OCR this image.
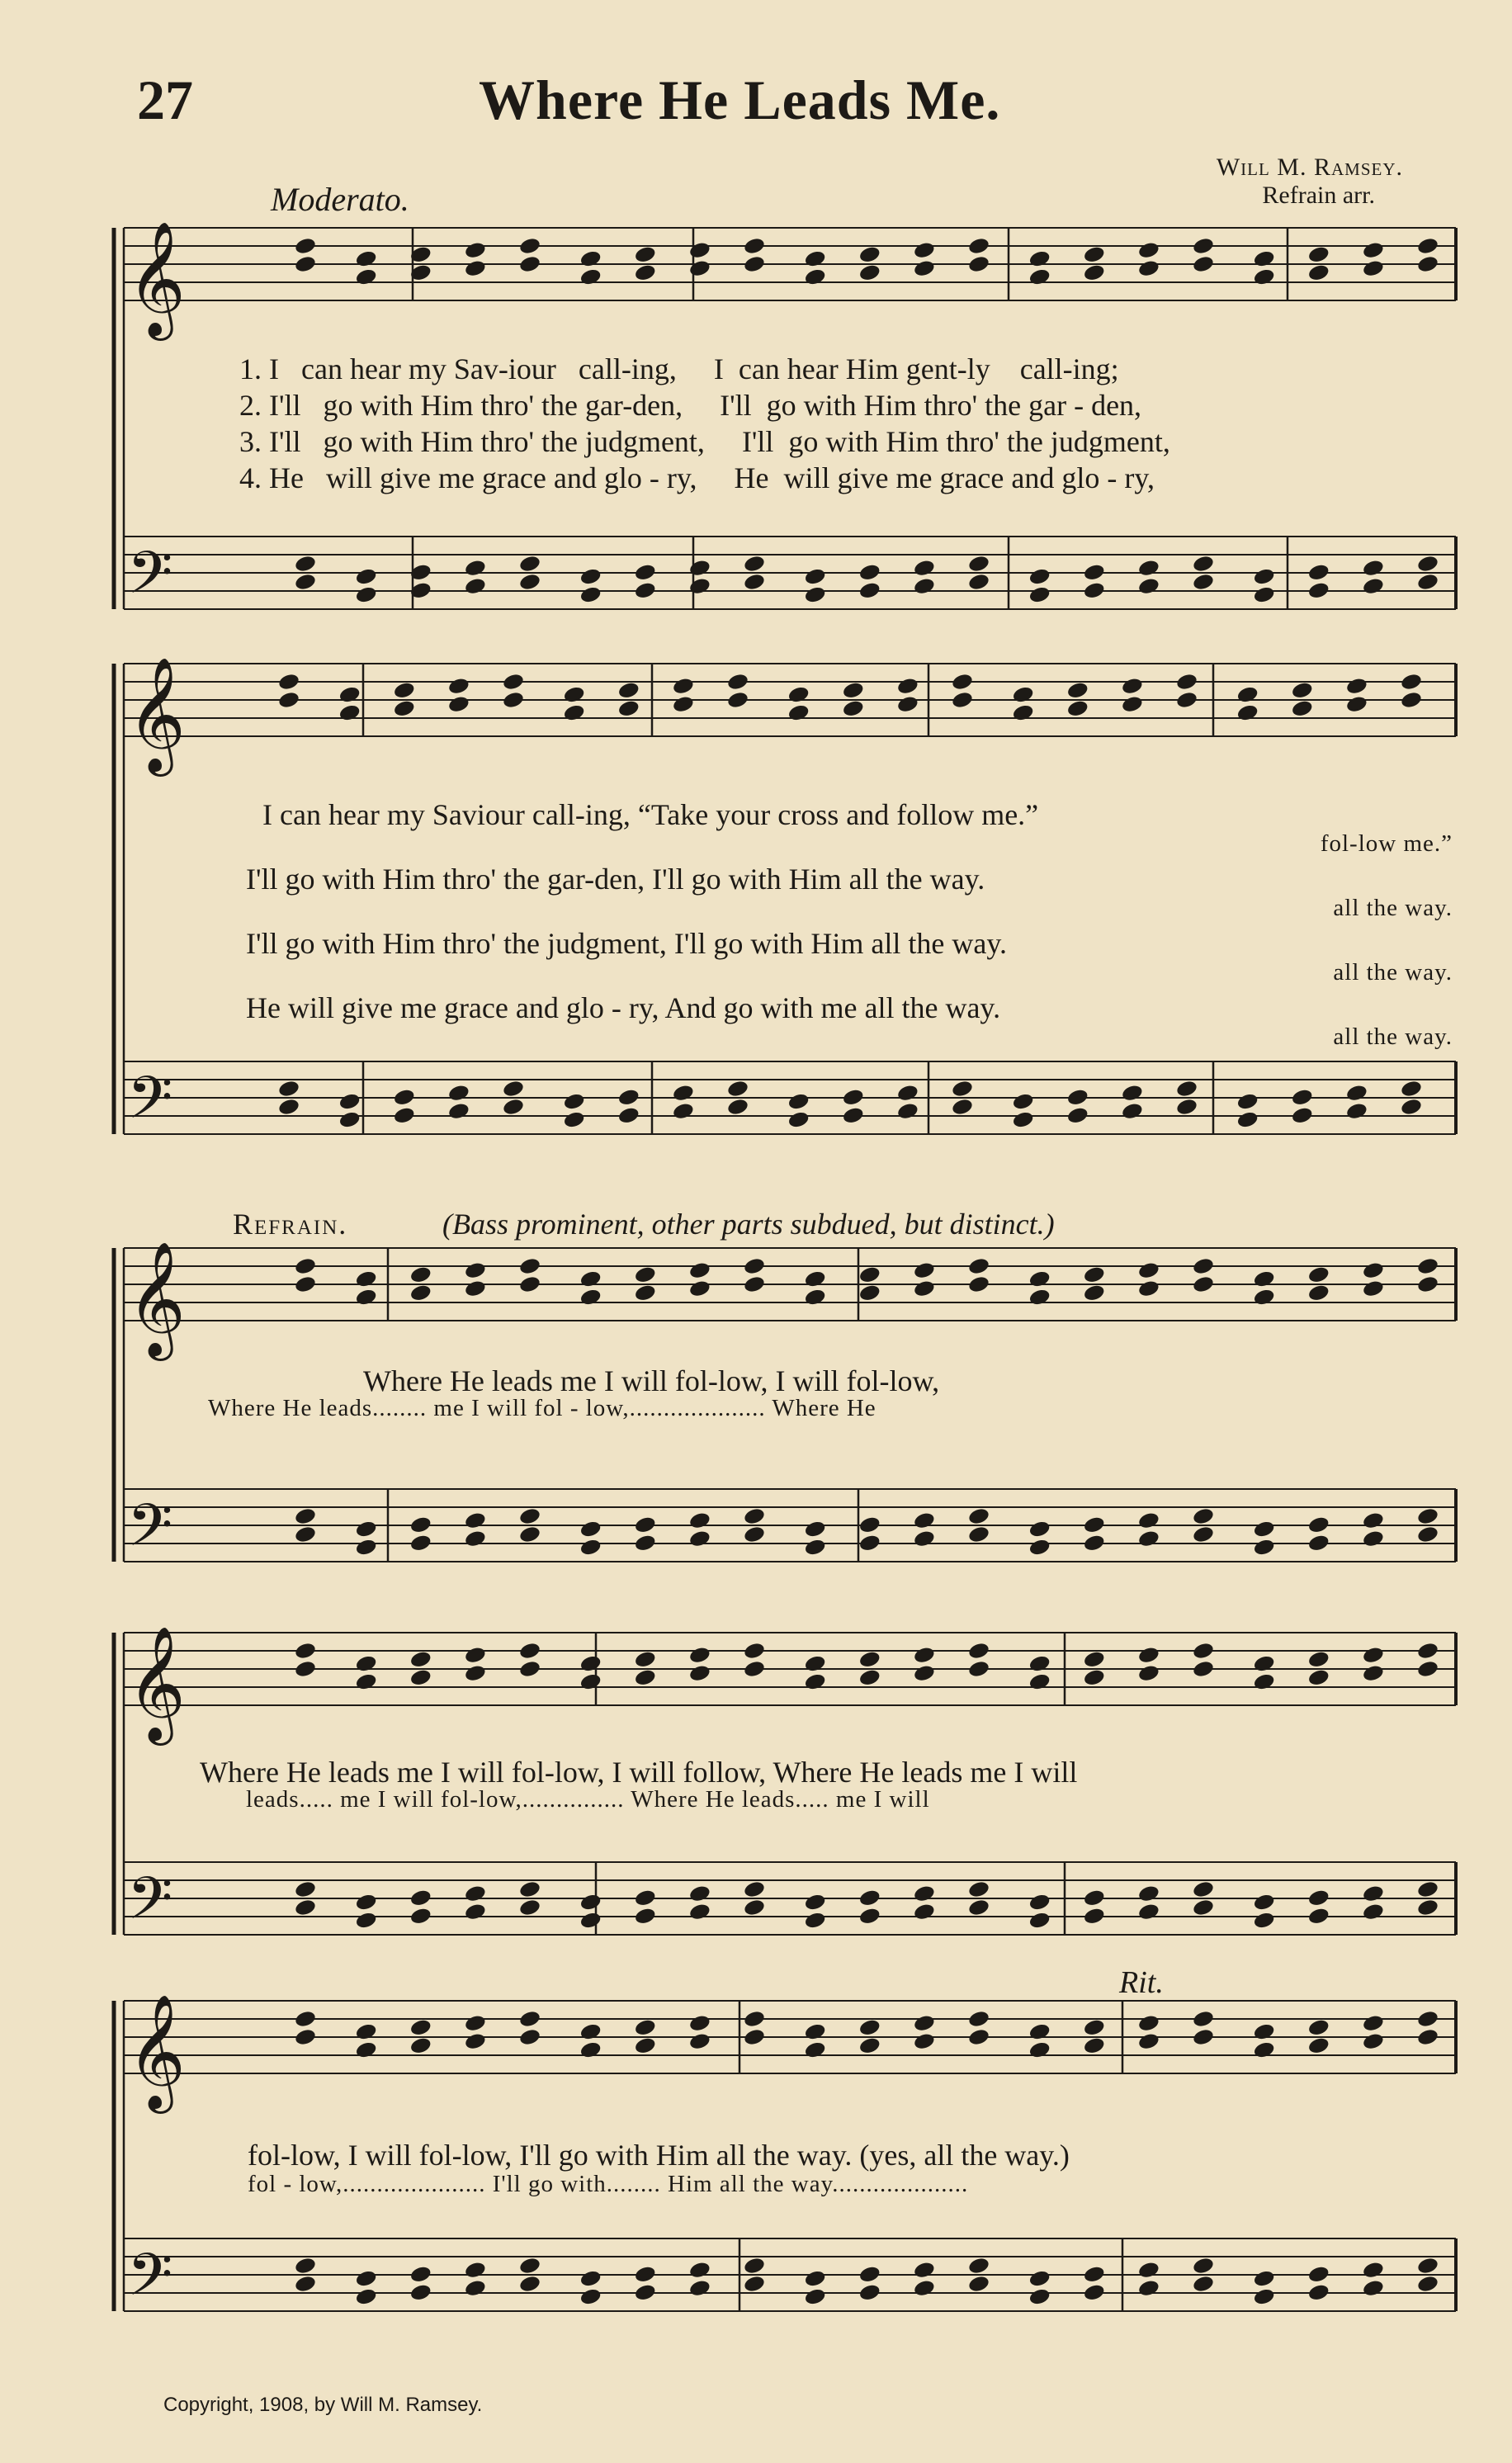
27	Where He Leads Me.
Will M. Ramsey.
Refrain arr.
Moderato.
𝄞
𝄢
𝄞
𝄢
𝄞
𝄢
𝄞
𝄢
𝄞
𝄢
1. I can hear my Sav-iour call-ing, I can hear Him gent-ly call-ing;
2. I'll go with Him thro' the gar-den, I'll go with Him thro' the gar - den,
3. I'll go with Him thro' the judgment, I'll go with Him thro' the judgment,
4. He will give me grace and glo - ry, He will give me grace and glo - ry,
I can hear my Saviour call-ing, “Take your cross and follow me.”
fol-low me.”
I'll go with Him thro' the gar-den, I'll go with Him all the way.
all the way.
I'll go with Him thro' the judgment, I'll go with Him all the way.
all the way.
He will give me grace and glo - ry, And go with me all the way.
all the way.
Refrain.	(Bass prominent, other parts subdued, but distinct.)
Where He leads me I will fol-low, I will fol-low,
Where He leads........ me I will fol - low,.................... Where He
Where He leads me I will fol-low, I will follow, Where He leads me I will
leads..... me I will fol-low,............... Where He leads..... me I will
Rit.
fol-low, I will fol-low, I'll go with Him all the way. (yes, all the way.)
fol - low,..................... I'll go with........ Him all the way....................
Copyright, 1908, by Will M. Ramsey.
